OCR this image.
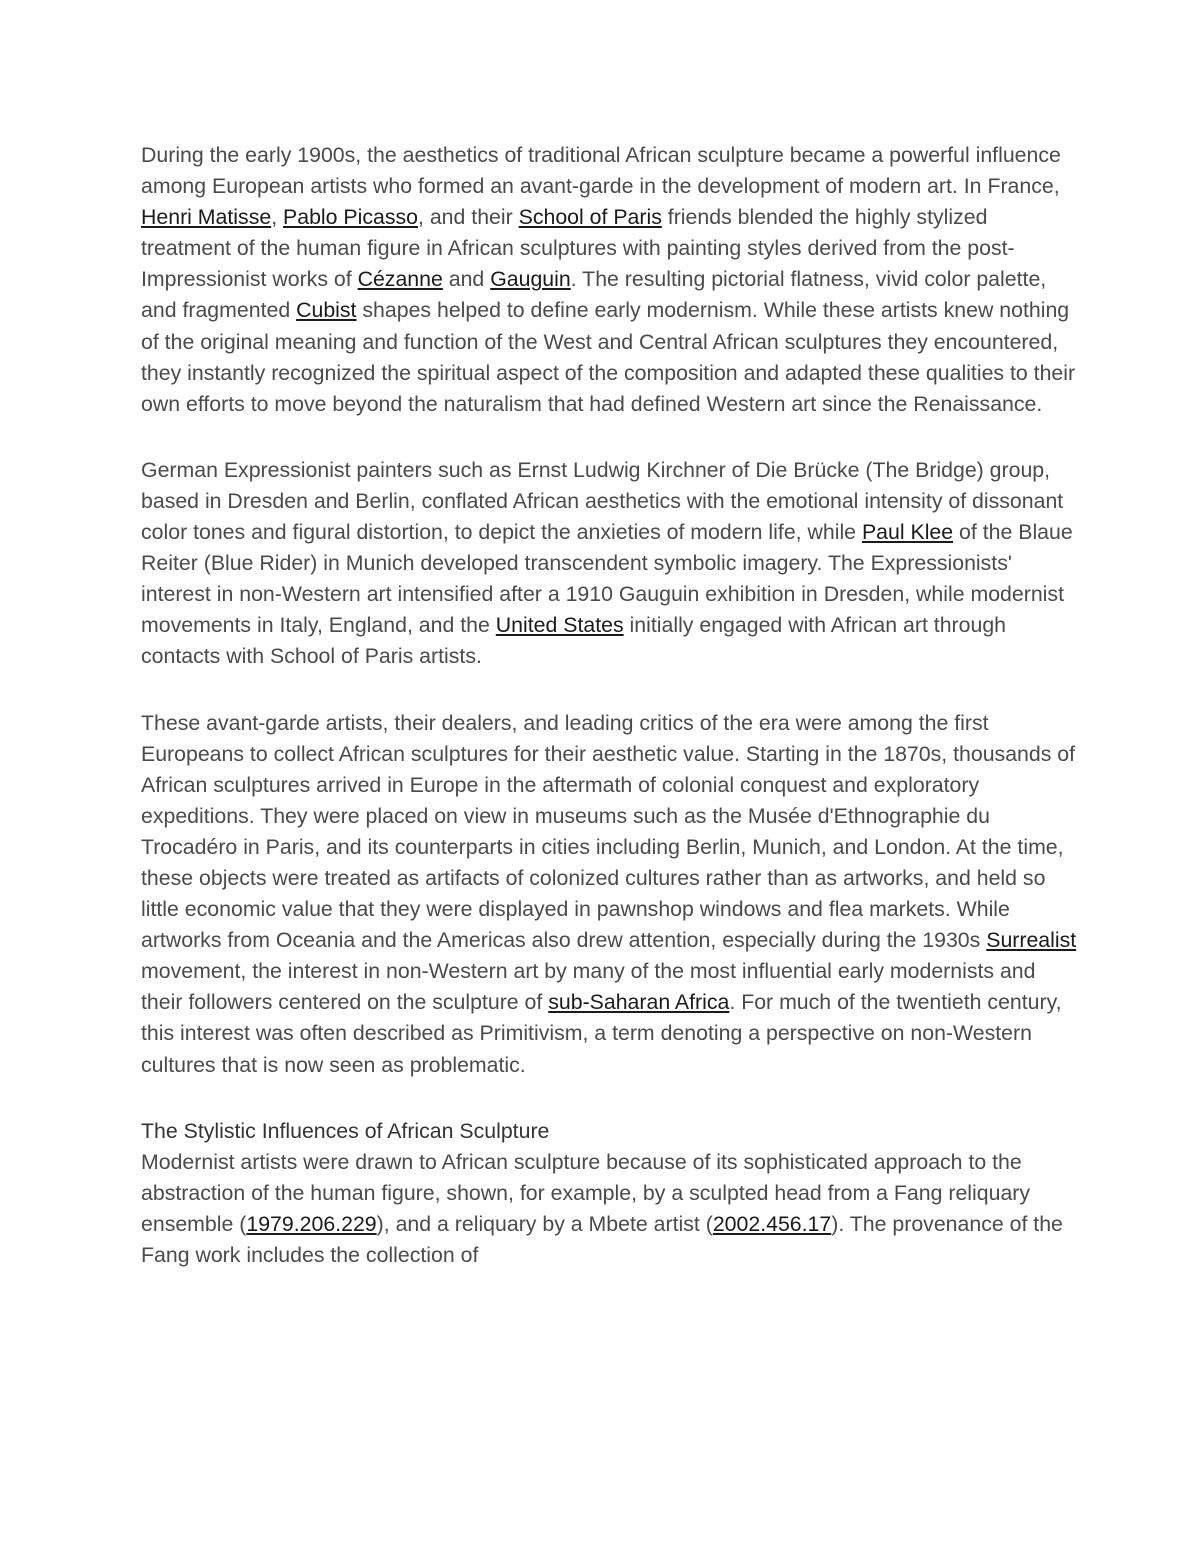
During the early 1900s, the aesthetics of traditional African sculpture became a powerful influence among European artists who formed an avant-garde in the development of modern art. In France, Henri Matisse, Pablo Picasso, and their School of Paris friends blended the highly stylized treatment of the human figure in African sculptures with painting styles derived from the post-Impressionist works of Cézanne and Gauguin. The resulting pictorial flatness, vivid color palette, and fragmented Cubist shapes helped to define early modernism. While these artists knew nothing of the original meaning and function of the West and Central African sculptures they encountered, they instantly recognized the spiritual aspect of the composition and adapted these qualities to their own efforts to move beyond the naturalism that had defined Western art since the Renaissance.

German Expressionist painters such as Ernst Ludwig Kirchner of Die Brücke (The Bridge) group, based in Dresden and Berlin, conflated African aesthetics with the emotional intensity of dissonant color tones and figural distortion, to depict the anxieties of modern life, while Paul Klee of the Blaue Reiter (Blue Rider) in Munich developed transcendent symbolic imagery. The Expressionists' interest in non-Western art intensified after a 1910 Gauguin exhibition in Dresden, while modernist movements in Italy, England, and the United States initially engaged with African art through contacts with School of Paris artists.

These avant-garde artists, their dealers, and leading critics of the era were among the first Europeans to collect African sculptures for their aesthetic value. Starting in the 1870s, thousands of African sculptures arrived in Europe in the aftermath of colonial conquest and exploratory expeditions. They were placed on view in museums such as the Musée d'Ethnographie du Trocadéro in Paris, and its counterparts in cities including Berlin, Munich, and London. At the time, these objects were treated as artifacts of colonized cultures rather than as artworks, and held so little economic value that they were displayed in pawnshop windows and flea markets. While artworks from Oceania and the Americas also drew attention, especially during the 1930s Surrealist movement, the interest in non-Western art by many of the most influential early modernists and their followers centered on the sculpture of sub-Saharan Africa. For much of the twentieth century, this interest was often described as Primitivism, a term denoting a perspective on non-Western cultures that is now seen as problematic.

The Stylistic Influences of African Sculpture

Modernist artists were drawn to African sculpture because of its sophisticated approach to the abstraction of the human figure, shown, for example, by a sculpted head from a Fang reliquary ensemble (1979.206.229), and a reliquary by a Mbete artist (2002.456.17). The provenance of the Fang work includes the collection of
